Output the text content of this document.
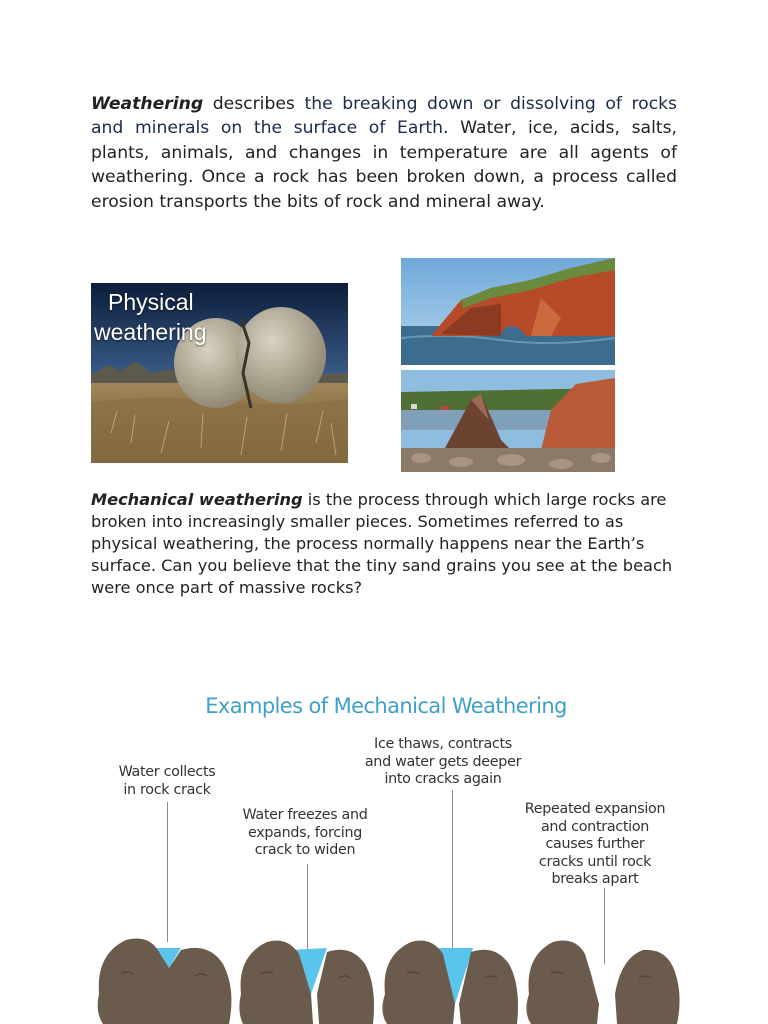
Weathering describes the breaking down or dissolving of rocks and minerals on the surface of Earth. Water, ice, acids, salts, plants, animals, and changes in temperature are all agents of weathering. Once a rock has been broken down, a process called erosion transports the bits of rock and mineral away.
Physical
weathering
Mechanical weathering is the process through which large rocks are broken into increasingly smaller pieces. Sometimes referred to as physical weathering, the process normally happens near the Earth’s surface. Can you believe that the tiny sand grains you see at the beach were once part of massive rocks?
Examples of Mechanical Weathering
Water collects
in rock crack
Water freezes and
expands, forcing
crack to widen
Ice thaws, contracts
and water gets deeper
into cracks again
Repeated expansion
and contraction
causes further
cracks until rock
breaks apart
